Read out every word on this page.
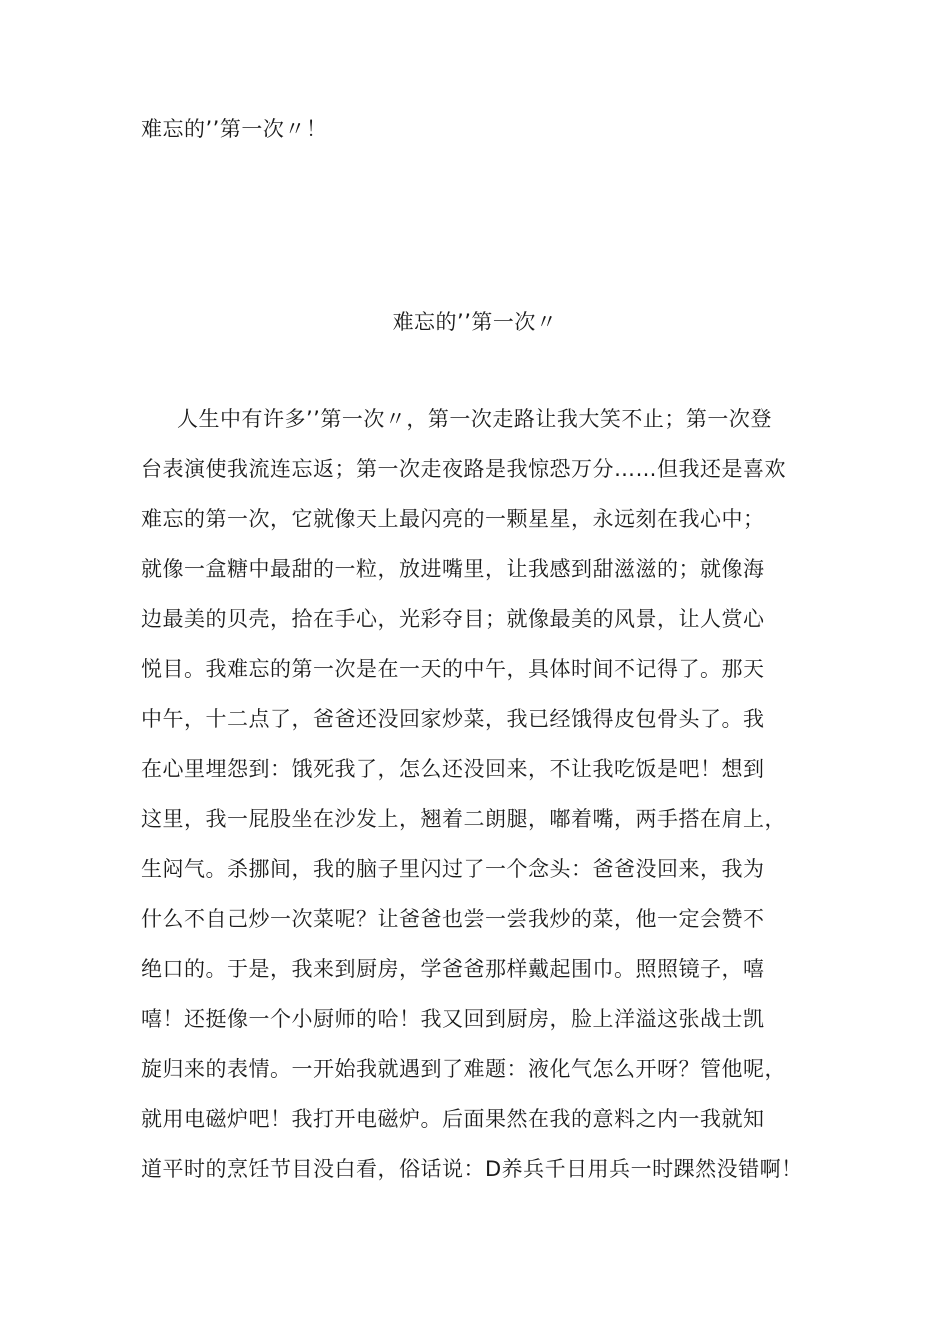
难忘的’’第一次〃！
难忘的’’第一次〃
人生中有许多’’第一次〃，第一次走路让我大笑不止；第一次登
台表演使我流连忘返；第一次走夜路是我惊恐万分……但我还是喜欢
难忘的第一次，它就像天上最闪亮的一颗星星，永远刻在我心中；
就像一盒糖中最甜的一粒，放进嘴里，让我感到甜滋滋的；就像海
边最美的贝壳，拾在手心，光彩夺目；就像最美的风景，让人赏心
悦目。我难忘的第一次是在一天的中午，具体时间不记得了。那天
中午，十二点了，爸爸还没回家炒菜，我已经饿得皮包骨头了。我
在心里埋怨到：饿死我了，怎么还没回来，不让我吃饭是吧！想到
这里，我一屁股坐在沙发上，翘着二朗腿，嘟着嘴，两手搭在肩上，
生闷气。杀挪间，我的脑子里闪过了一个念头：爸爸没回来，我为
什么不自己炒一次菜呢？让爸爸也尝一尝我炒的菜，他一定会赞不
绝口的。于是，我来到厨房，学爸爸那样戴起围巾。照照镜子，嘻
嘻！还挺像一个小厨师的哈！我又回到厨房，脸上洋溢这张战士凯
旋归来的表情。一开始我就遇到了难题：液化气怎么开呀？管他呢，
就用电磁炉吧！我打开电磁炉。后面果然在我的意料之内一我就知
道平时的烹饪节目没白看，俗话说：D养兵千日用兵一时踝然没错啊！
